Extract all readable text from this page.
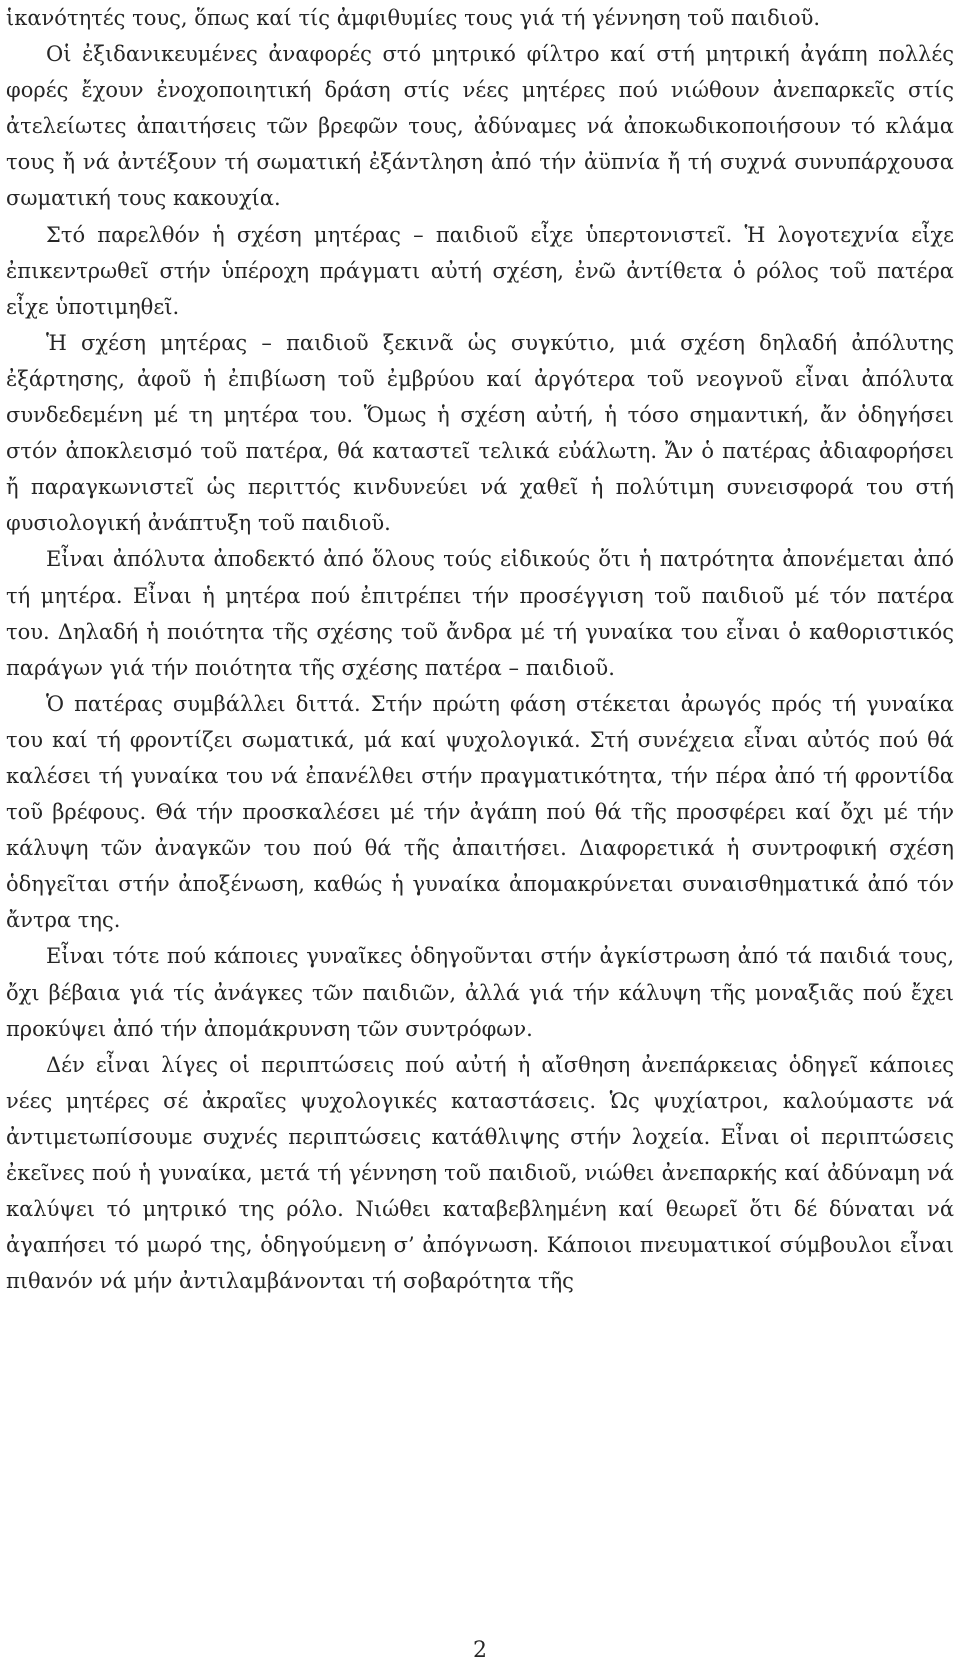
ἱκανότητές τους, ὅπως καί τίς ἀμφιθυμίες τους γιά τή γέννηση τοῦ παιδιοῦ.

Οἱ ἐξιδανικευμένες ἀναφορές στό μητρικό φίλτρο καί στή μητρική ἀγάπη πολλές φορές ἔχουν ἐνοχοποιητική δράση στίς νέες μητέρες πού νιώθουν ἀνεπαρκεῖς στίς ἀτελείωτες ἀπαιτήσεις τῶν βρεφῶν τους, ἀδύναμες νά ἀποκωδικοποιήσουν τό κλάμα τους ἤ νά ἀντέξουν τή σωματική ἐξάντληση ἀπό τήν ἀϋπνία ἤ τή συχνά συνυπάρχουσα σωματική τους κακουχία.

Στό παρελθόν ἡ σχέση μητέρας – παιδιοῦ εἶχε ὑπερτονιστεῖ. Ἡ λογοτεχνία εἶχε ἐπικεντρωθεῖ στήν ὑπέροχη πράγματι αὐτή σχέση, ἐνῶ ἀντίθετα ὁ ρόλος τοῦ πατέρα εἶχε ὑποτιμηθεῖ.

Ἡ σχέση μητέρας – παιδιοῦ ξεκινᾶ ὡς συγκύτιο, μιά σχέση δηλαδή ἀπόλυτης ἐξάρτησης, ἀφοῦ ἡ ἐπιβίωση τοῦ ἐμβρύου καί ἀργότερα τοῦ νεογνοῦ εἶναι ἀπόλυτα συνδεδεμένη μέ τη μητέρα του. Ὅμως ἡ σχέση αὐτή, ἡ τόσο σημαντική, ἄν ὁδηγήσει στόν ἀποκλεισμό τοῦ πατέρα, θά καταστεῖ τελικά εὐάλωτη. Ἄν ὁ πατέρας ἀδιαφορήσει ἤ παραγκωνιστεῖ ὡς περιττός κινδυνεύει νά χαθεῖ ἡ πολύτιμη συνεισφορά του στή φυσιολογική ἀνάπτυξη τοῦ παιδιοῦ.

Εἶναι ἀπόλυτα ἀποδεκτό ἀπό ὅλους τούς εἰδικούς ὅτι ἡ πατρότητα ἀπονέμεται ἀπό τή μητέρα. Εἶναι ἡ μητέρα πού ἐπιτρέπει τήν προσέγγιση τοῦ παιδιοῦ μέ τόν πατέρα του. Δηλαδή ἡ ποιότητα τῆς σχέσης τοῦ ἄνδρα μέ τή γυναίκα του εἶναι ὁ καθοριστικός παράγων γιά τήν ποιότητα τῆς σχέσης πατέρα – παιδιοῦ.

Ὁ πατέρας συμβάλλει διττά. Στήν πρώτη φάση στέκεται ἀρωγός πρός τή γυναίκα του καί τή φροντίζει σωματικά, μά καί ψυχολογικά. Στή συνέχεια εἶναι αὐτός πού θά καλέσει τή γυναίκα του νά ἐπανέλθει στήν πραγματικότητα, τήν πέρα ἀπό τή φροντίδα τοῦ βρέφους. Θά τήν προσκαλέσει μέ τήν ἀγάπη πού θά τῆς προσφέρει καί ὄχι μέ τήν κάλυψη τῶν ἀναγκῶν του πού θά τῆς ἀπαιτήσει. Διαφορετικά ἡ συντροφική σχέση ὁδηγεῖται στήν ἀποξένωση, καθώς ἡ γυναίκα ἀπομακρύνεται συναισθηματικά ἀπό τόν ἄντρα της.

Εἶναι τότε πού κάποιες γυναῖκες ὁδηγοῦνται στήν ἀγκίστρωση ἀπό τά παιδιά τους, ὄχι βέβαια γιά τίς ἀνάγκες τῶν παιδιῶν, ἀλλά γιά τήν κάλυψη τῆς μοναξιᾶς πού ἔχει προκύψει ἀπό τήν ἀπομάκρυνση τῶν συντρόφων.

Δέν εἶναι λίγες οἱ περιπτώσεις πού αὐτή ἡ αἴσθηση ἀνεπάρκειας ὁδηγεῖ κάποιες νέες μητέρες σέ ἀκραῖες ψυχολογικές καταστάσεις. Ὡς ψυχίατροι, καλούμαστε νά ἀντιμετωπίσουμε συχνές περιπτώσεις κατάθλιψης στήν λοχεία. Εἶναι οἱ περιπτώσεις ἐκεῖνες πού ἡ γυναίκα, μετά τή γέννηση τοῦ παιδιοῦ, νιώθει ἀνεπαρκής καί ἀδύναμη νά καλύψει τό μητρικό της ρόλο. Νιώθει καταβεβλημένη καί θεωρεῖ ὅτι δέ δύναται νά ἀγαπήσει τό μωρό της, ὁδηγούμενη σ’ ἀπόγνωση. Κάποιοι πνευματικοί σύμβουλοι εἶναι πιθανόν νά μήν ἀντιλαμβάνονται τή σοβαρότητα τῆς

2
